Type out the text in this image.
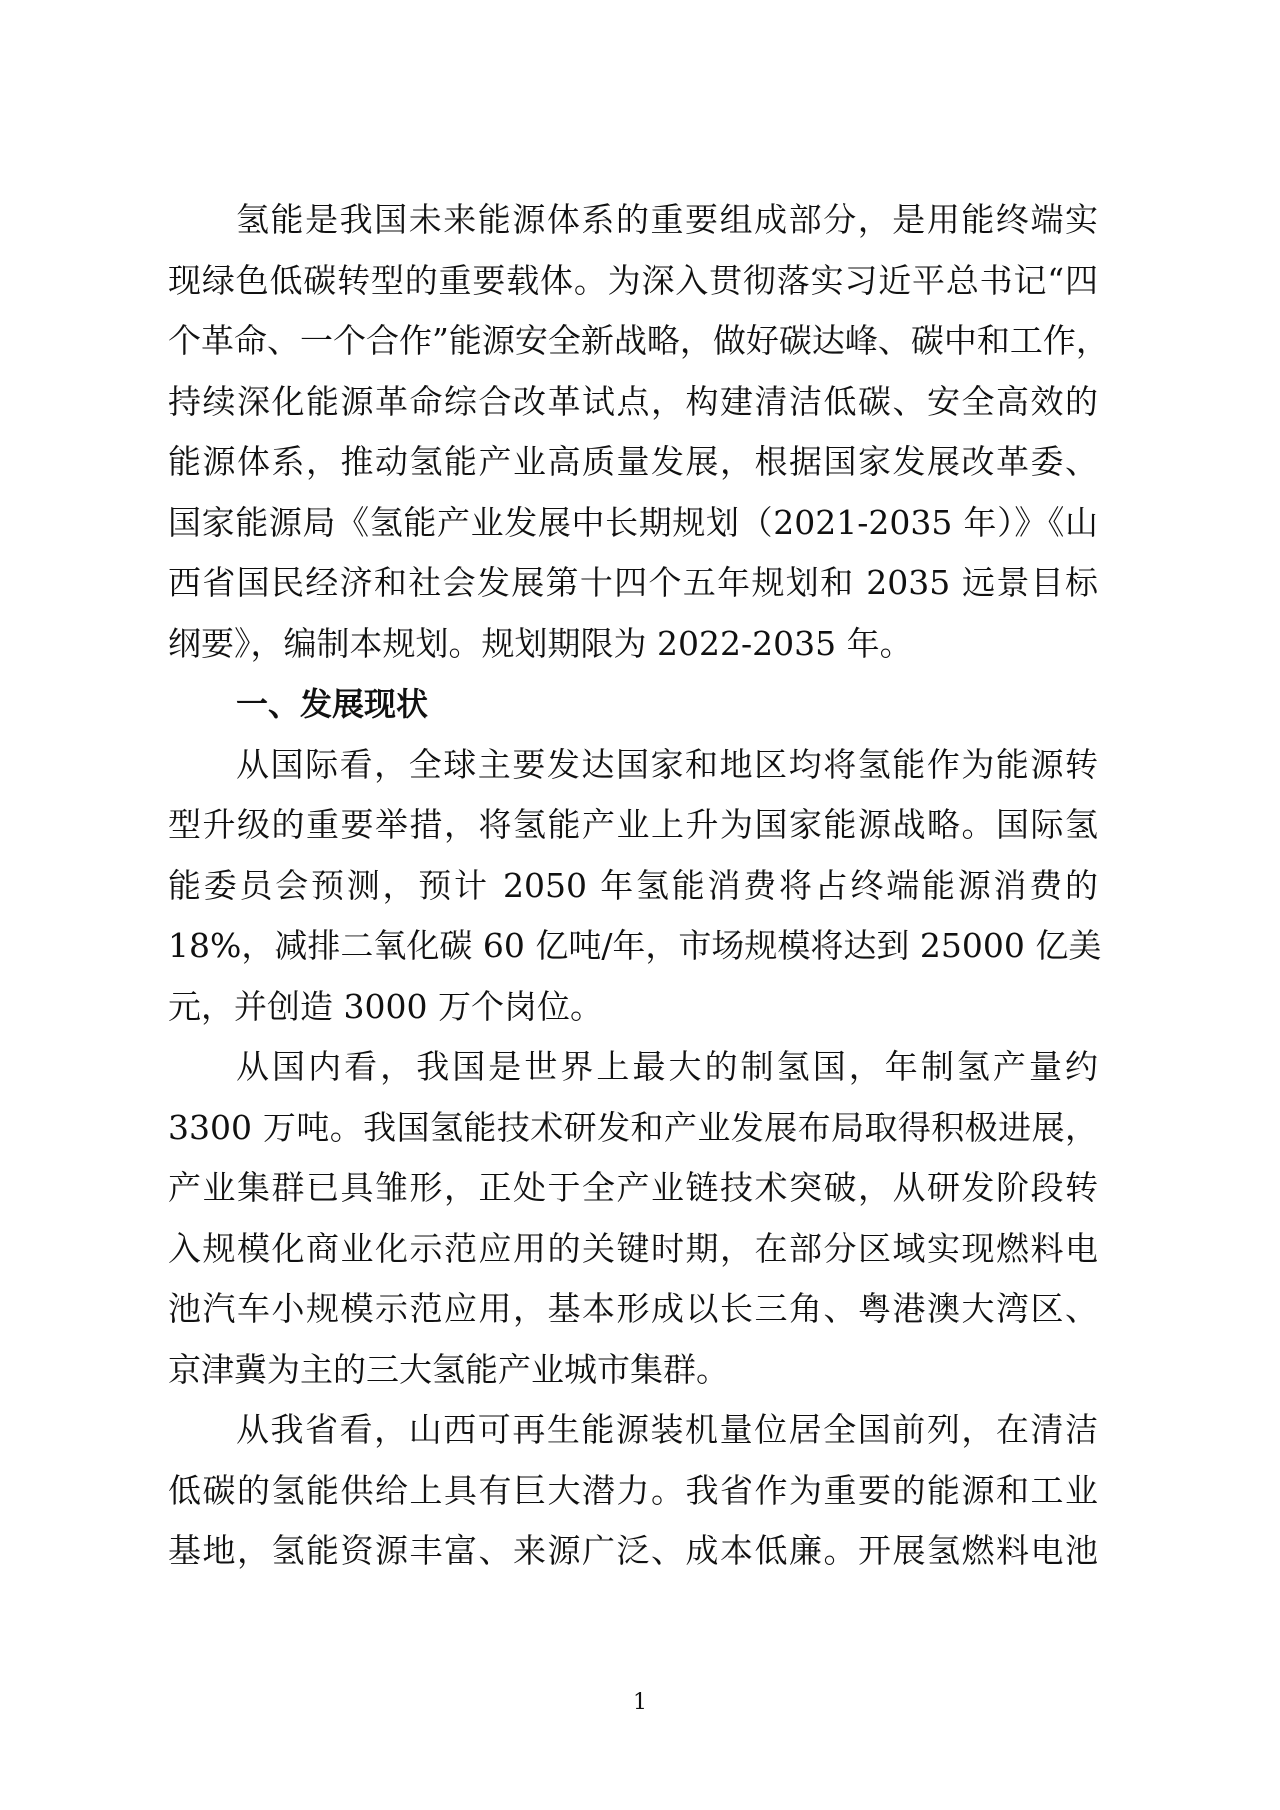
氢能是我国未来能源体系的重要组成部分，是用能终端实
现绿色低碳转型的重要载体。为深入贯彻落实习近平总书记“四
个革命、一个合作”能源安全新战略，做好碳达峰、碳中和工作，
持续深化能源革命综合改革试点，构建清洁低碳、安全高效的
能源体系，推动氢能产业高质量发展，根据国家发展改革委、
国家能源局《氢能产业发展中长期规划（2021-2035 年）》《山
西省国民经济和社会发展第十四个五年规划和 2035 远景目标
纲要》，编制本规划。规划期限为 2022-2035 年。
一、发展现状
从国际看，全球主要发达国家和地区均将氢能作为能源转
型升级的重要举措，将氢能产业上升为国家能源战略。国际氢
能委员会预测，预计 2050 年氢能消费将占终端能源消费的
18%，减排二氧化碳 60 亿吨/年，市场规模将达到 25000 亿美
元，并创造 3000 万个岗位。
从国内看，我国是世界上最大的制氢国，年制氢产量约
3300 万吨。我国氢能技术研发和产业发展布局取得积极进展，
产业集群已具雏形，正处于全产业链技术突破，从研发阶段转
入规模化商业化示范应用的关键时期，在部分区域实现燃料电
池汽车小规模示范应用，基本形成以长三角、粤港澳大湾区、
京津冀为主的三大氢能产业城市集群。
从我省看，山西可再生能源装机量位居全国前列，在清洁
低碳的氢能供给上具有巨大潜力。我省作为重要的能源和工业
基地，氢能资源丰富、来源广泛、成本低廉。开展氢燃料电池
1
